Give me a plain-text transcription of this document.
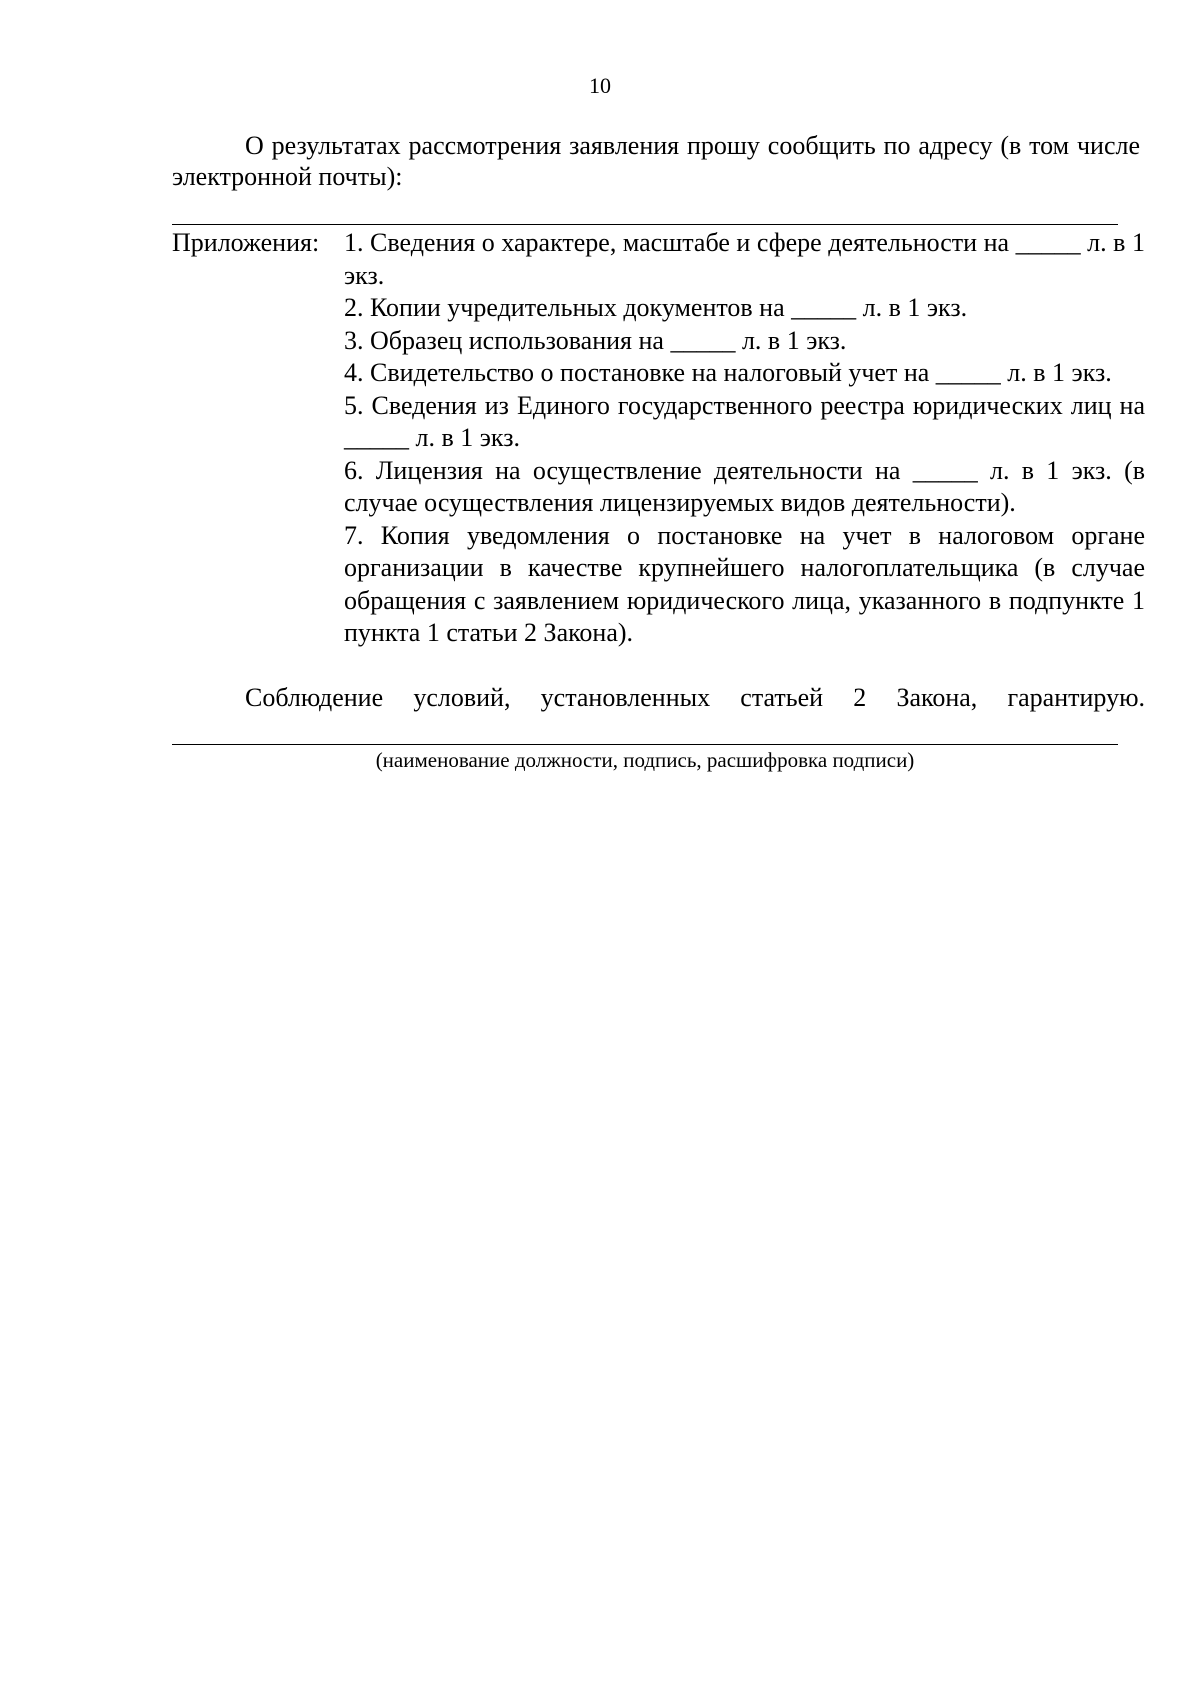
10
О результатах рассмотрения заявления прошу сообщить по адресу (в том числе электронной почты):
Приложения: 1. Сведения о характере, масштабе и сфере деятельности на _____ л. в 1 экз.
2. Копии учредительных документов на _____ л. в 1 экз.
3. Образец использования на _____ л. в 1 экз.
4. Свидетельство о постановке на налоговый учет на _____ л. в 1 экз.
5. Сведения из Единого государственного реестра юридических лиц на _____ л. в 1 экз.
6. Лицензия на осуществление деятельности на _____ л. в 1 экз. (в случае осуществления лицензируемых видов деятельности).
7. Копия уведомления о постановке на учет в налоговом органе организации в качестве крупнейшего налогоплательщика (в случае обращения с заявлением юридического лица, указанного в подпункте 1 пункта 1 статьи 2 Закона).
Соблюдение условий, установленных статьей 2 Закона, гарантирую.
(наименование должности, подпись, расшифровка подписи)
